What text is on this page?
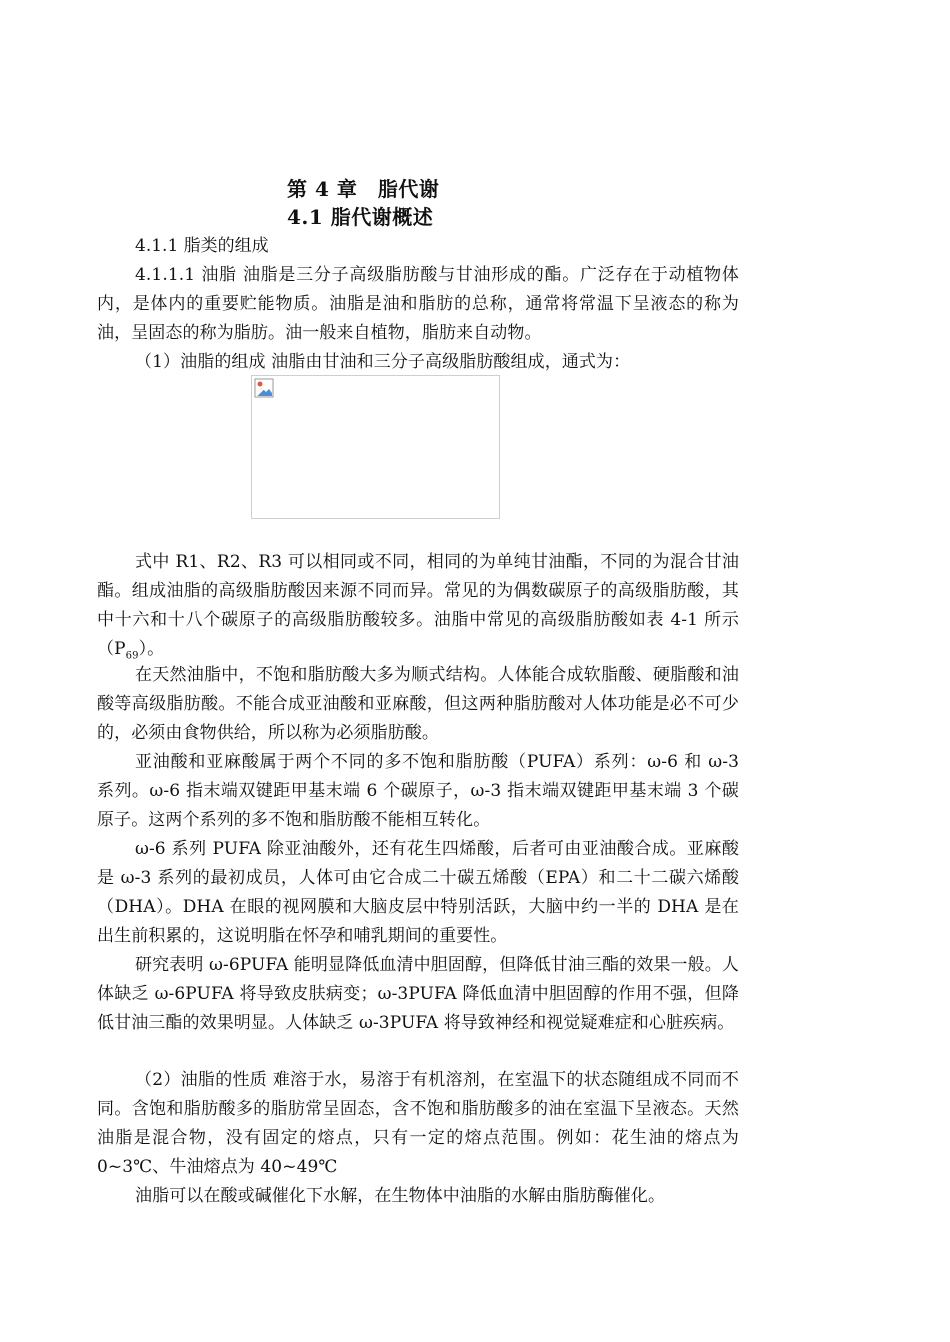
第 4 章　脂代谢
4.1 脂代谢概述
4.1.1 脂类的组成

4.1.1.1 油脂 油脂是三分子高级脂肪酸与甘油形成的酯。广泛存在于动植物体内，是体内的重要贮能物质。油脂是油和脂肪的总称，通常将常温下呈液态的称为油，呈固态的称为脂肪。油一般来自植物，脂肪来自动物。

（1）油脂的组成 油脂由甘油和三分子高级脂肪酸组成，通式为：

式中 R1、R2、R3 可以相同或不同，相同的为单纯甘油酯，不同的为混合甘油酯。组成油脂的高级脂肪酸因来源不同而异。常见的为偶数碳原子的高级脂肪酸，其中十六和十八个碳原子的高级脂肪酸较多。油脂中常见的高级脂肪酸如表 4-1 所示$(P_{69})$。

在天然油脂中，不饱和脂肪酸大多为顺式结构。人体能合成软脂酸、硬脂酸和油酸等高级脂肪酸。不能合成亚油酸和亚麻酸，但这两种脂肪酸对人体功能是必不可少的，必须由食物供给，所以称为必须脂肪酸。

亚油酸和亚麻酸属于两个不同的多不饱和脂肪酸（PUFA）系列：ω-6 和 ω-3 系列。ω-6 指末端双键距甲基末端 6 个碳原子，ω-3 指末端双键距甲基末端 3 个碳原子。这两个系列的多不饱和脂肪酸不能相互转化。

ω-6 系列 PUFA 除亚油酸外，还有花生四烯酸，后者可由亚油酸合成。亚麻酸是 ω-3 系列的最初成员，人体可由它合成二十碳五烯酸（EPA）和二十二碳六烯酸（DHA）。DHA 在眼的视网膜和大脑皮层中特别活跃，大脑中约一半的 DHA 是在出生前积累的，这说明脂在怀孕和哺乳期间的重要性。

研究表明 ω-6PUFA 能明显降低血清中胆固醇，但降低甘油三酯的效果一般。人体缺乏 ω-6PUFA 将导致皮肤病变；ω-3PUFA 降低血清中胆固醇的作用不强，但降低甘油三酯的效果明显。人体缺乏 ω-3PUFA 将导致神经和视觉疑难症和心脏疾病。

（2）油脂的性质 难溶于水，易溶于有机溶剂，在室温下的状态随组成不同而不同。含饱和脂肪酸多的脂肪常呈固态，含不饱和脂肪酸多的油在室温下呈液态。天然油脂是混合物，没有固定的熔点，只有一定的熔点范围。例如：花生油的熔点为 0~3℃、牛油熔点为 40~49℃

油脂可以在酸或碱催化下水解，在生物体中油脂的水解由脂肪酶催化。
